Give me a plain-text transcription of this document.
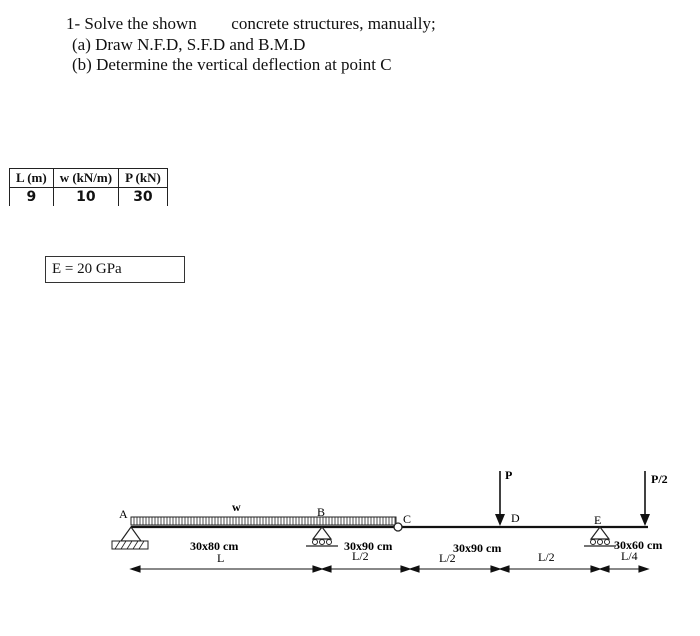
1- Solve the shown concrete structures, manually;
(a) Draw N.F.D, S.F.D and B.M.D
(b) Determine the vertical deflection at point C
L (m)	w (kN/m)	P (kN)
9	10	30
E = 20 GPa
A	B	C	D	E
w
P	P/2
30x80 cm	30x90 cm	30x90 cm	30x60 cm
L	L/2	L/2	L/2	L/4
